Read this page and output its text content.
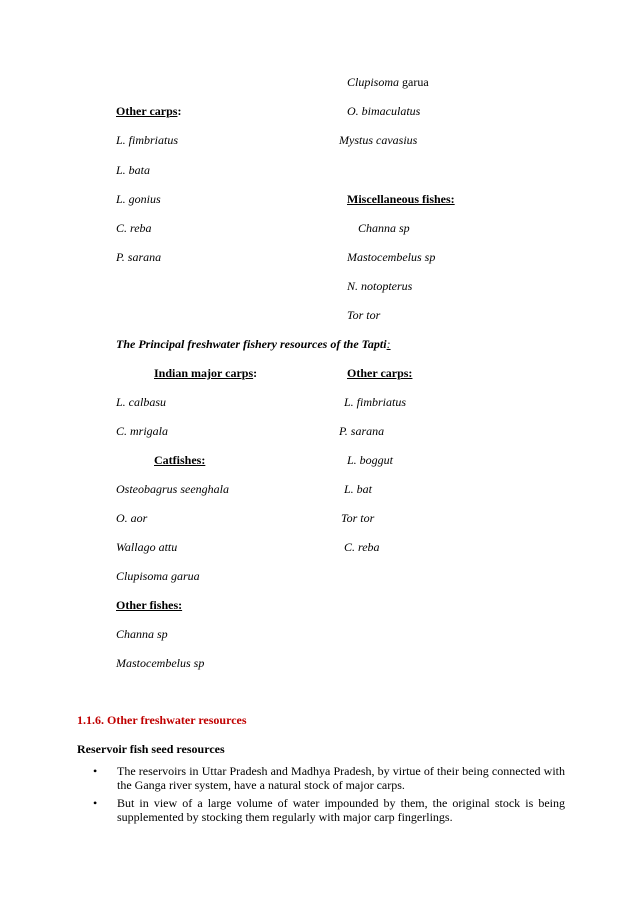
Clupisoma garua
Other carps:	O. bimaculatus
L. fimbriatus	Mystus cavasius
L. bata
L. gonius	Miscellaneous fishes:
C. reba	Channa sp
P. sarana	Mastocembelus sp
N. notopterus
Tor tor
The Principal freshwater fishery resources of the Tapti:
Indian major carps:	Other carps:
L. calbasu	L. fimbriatus
C. mrigala	P. sarana
Catfishes:	L. boggut
Osteobagrus seenghala	L. bat
O. aor	Tor tor
Wallago attu	C. reba
Clupisoma garua
Other fishes:
Channa sp
Mastocembelus sp
1.1.6. Other freshwater resources
Reservoir fish seed resources
• The reservoirs in Uttar Pradesh and Madhya Pradesh, by virtue of their being connected with the Ganga river system, have a natural stock of major carps.
• But in view of a large volume of water impounded by them, the original stock is being supplemented by stocking them regularly with major carp fingerlings.
